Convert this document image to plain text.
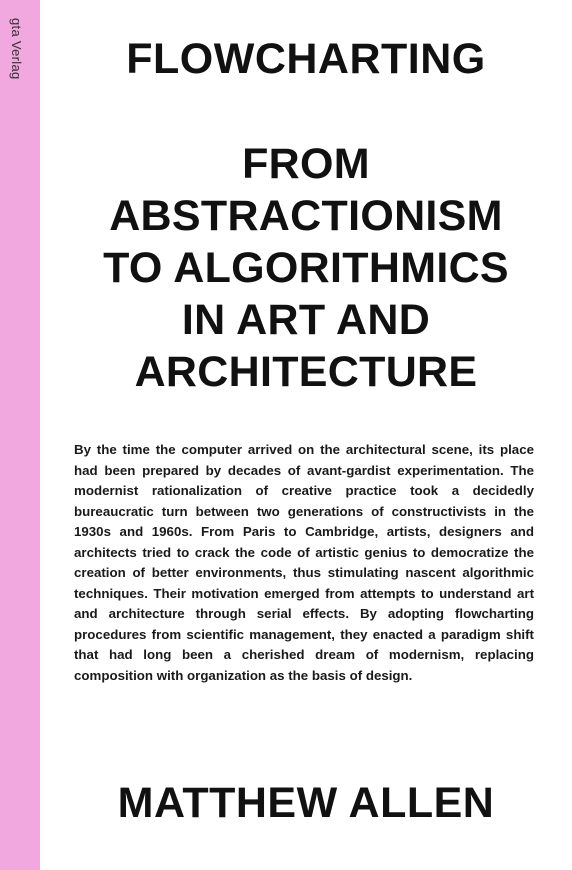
gta Verlag	FLOWCHARTING
FROM
ABSTRACTIONISM
TO ALGORITHMICS
IN ART AND
ARCHITECTURE

By the time the computer arrived on the architectural scene, its place had been prepared by decades of avant-gardist experimentation. The modernist rationalization of creative practice took a decidedly bureaucratic turn between two generations of constructivists in the 1930s and 1960s. From Paris to Cambridge, artists, designers and architects tried to crack the code of artistic genius to democratize the creation of better environments, thus stimulating nascent algorithmic techniques. Their motivation emerged from attempts to understand art and architecture through serial effects. By adopting flowcharting procedures from scientific management, they enacted a paradigm shift that had long been a cherished dream of modernism, replacing composition with organization as the basis of design.

MATTHEW ALLEN
